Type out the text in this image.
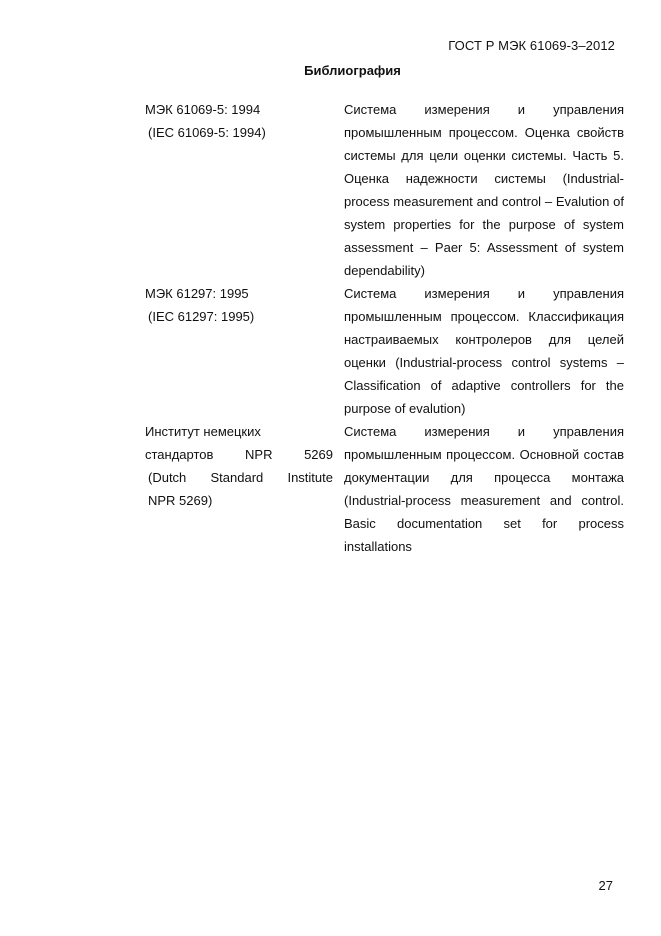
ГОСТ Р МЭК 61069-3–2012
Библиография
МЭК 61069-5: 1994
(IEC 61069-5: 1994)
Система измерения и управления промышленным процессом. Оценка свойств системы для цели оценки системы. Часть 5. Оценка надежности системы (Industrial-process measurement and control – Evalution of system properties for the purpose of system assessment – Paer 5: Assessment of system dependability)
МЭК 61297: 1995
(IEC 61297: 1995)
Система измерения и управления промышленным процессом. Классификация настраиваемых контролеров для целей оценки (Industrial-process control systems – Classification of adaptive controllers for the purpose of evalution)
Институт немецких
стандартов NPR 5269
(Dutch Standard Institute
NPR 5269)
Система измерения и управления промышленным процессом. Основной состав документации для процесса монтажа (Industrial-process measurement and control. Basic documentation set for process installations
27
